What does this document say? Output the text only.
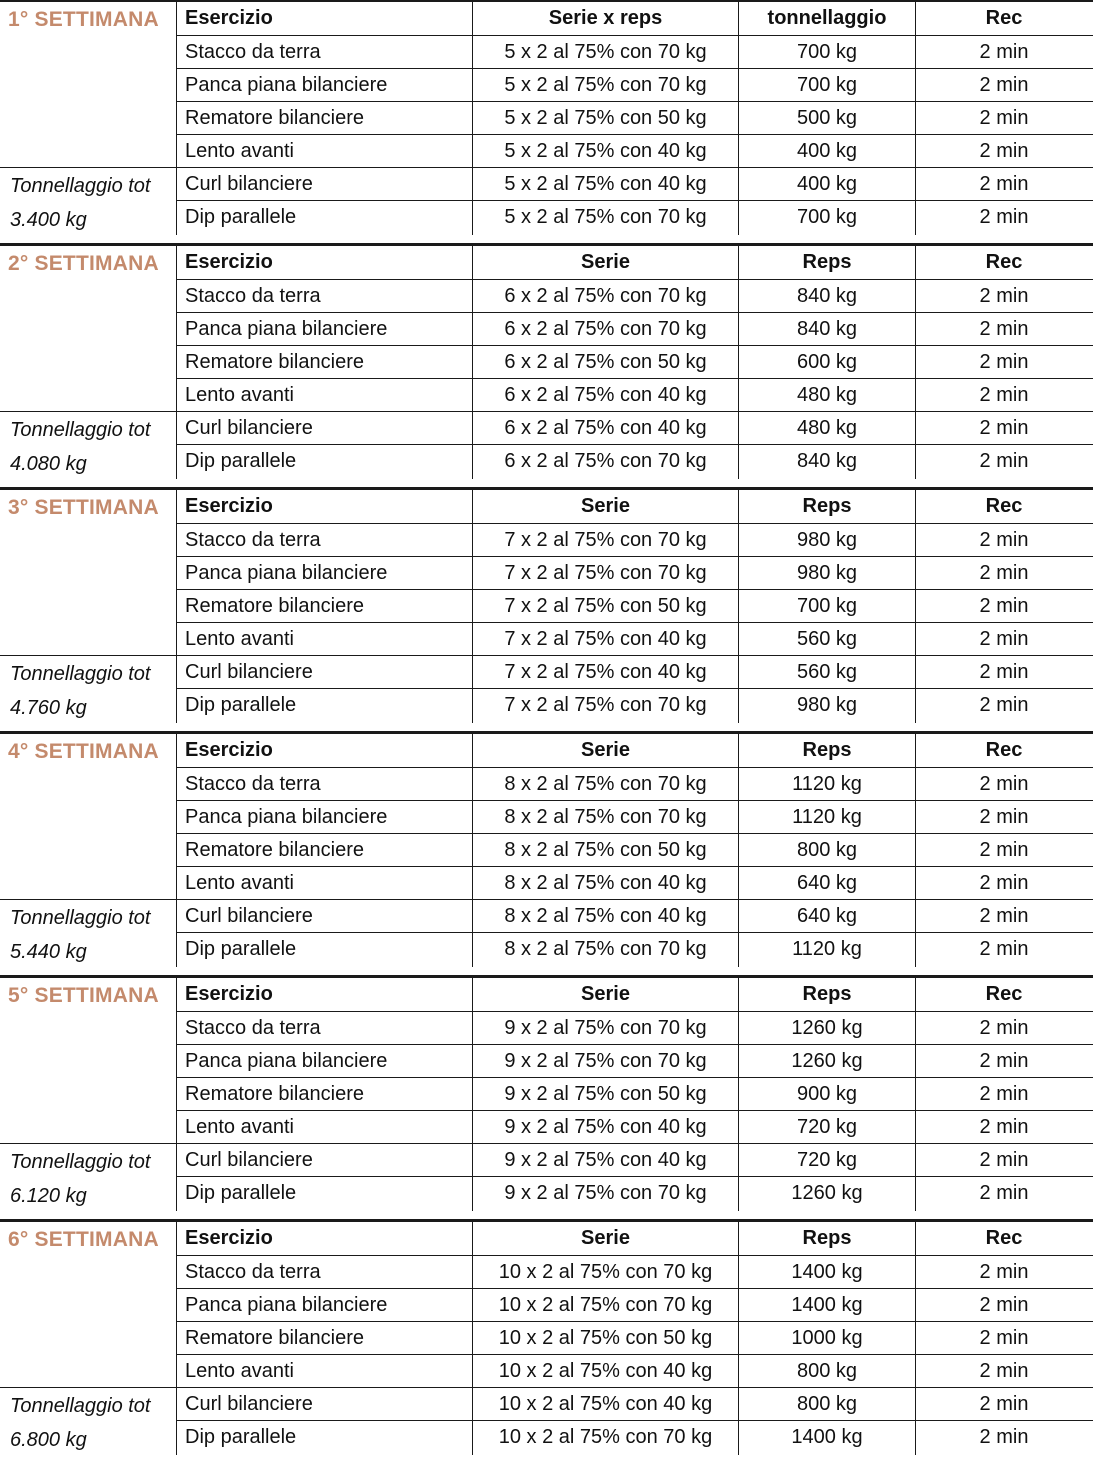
1° SETTIMANA
Tonnellaggio tot
3.400 kg
Esercizio	Serie x reps	tonnellaggio	Rec
Stacco da terra	5 x 2 al 75% con 70 kg	700 kg	2 min
Panca piana bilanciere	5 x 2 al 75% con 70 kg	700 kg	2 min
Rematore bilanciere	5 x 2 al 75% con 50 kg	500 kg	2 min
Lento avanti	5 x 2 al 75% con 40 kg	400 kg	2 min
Curl bilanciere	5 x 2 al 75% con 40 kg	400 kg	2 min
Dip parallele	5 x 2 al 75% con 70 kg	700 kg	2 min
2° SETTIMANA
Tonnellaggio tot
4.080 kg
Esercizio	Serie	Reps	Rec
Stacco da terra	6 x 2 al 75% con 70 kg	840 kg	2 min
Panca piana bilanciere	6 x 2 al 75% con 70 kg	840 kg	2 min
Rematore bilanciere	6 x 2 al 75% con 50 kg	600 kg	2 min
Lento avanti	6 x 2 al 75% con 40 kg	480 kg	2 min
Curl bilanciere	6 x 2 al 75% con 40 kg	480 kg	2 min
Dip parallele	6 x 2 al 75% con 70 kg	840 kg	2 min
3° SETTIMANA
Tonnellaggio tot
4.760 kg
Esercizio	Serie	Reps	Rec
Stacco da terra	7 x 2 al 75% con 70 kg	980 kg	2 min
Panca piana bilanciere	7 x 2 al 75% con 70 kg	980 kg	2 min
Rematore bilanciere	7 x 2 al 75% con 50 kg	700 kg	2 min
Lento avanti	7 x 2 al 75% con 40 kg	560 kg	2 min
Curl bilanciere	7 x 2 al 75% con 40 kg	560 kg	2 min
Dip parallele	7 x 2 al 75% con 70 kg	980 kg	2 min
4° SETTIMANA
Tonnellaggio tot
5.440 kg
Esercizio	Serie	Reps	Rec
Stacco da terra	8 x 2 al 75% con 70 kg	1120 kg	2 min
Panca piana bilanciere	8 x 2 al 75% con 70 kg	1120 kg	2 min
Rematore bilanciere	8 x 2 al 75% con 50 kg	800 kg	2 min
Lento avanti	8 x 2 al 75% con 40 kg	640 kg	2 min
Curl bilanciere	8 x 2 al 75% con 40 kg	640 kg	2 min
Dip parallele	8 x 2 al 75% con 70 kg	1120 kg	2 min
5° SETTIMANA
Tonnellaggio tot
6.120 kg
Esercizio	Serie	Reps	Rec
Stacco da terra	9 x 2 al 75% con 70 kg	1260 kg	2 min
Panca piana bilanciere	9 x 2 al 75% con 70 kg	1260 kg	2 min
Rematore bilanciere	9 x 2 al 75% con 50 kg	900 kg	2 min
Lento avanti	9 x 2 al 75% con 40 kg	720 kg	2 min
Curl bilanciere	9 x 2 al 75% con 40 kg	720 kg	2 min
Dip parallele	9 x 2 al 75% con 70 kg	1260 kg	2 min
6° SETTIMANA
Tonnellaggio tot
6.800 kg
Esercizio	Serie	Reps	Rec
Stacco da terra	10 x 2 al 75% con 70 kg	1400 kg	2 min
Panca piana bilanciere	10 x 2 al 75% con 70 kg	1400 kg	2 min
Rematore bilanciere	10 x 2 al 75% con 50 kg	1000 kg	2 min
Lento avanti	10 x 2 al 75% con 40 kg	800 kg	2 min
Curl bilanciere	10 x 2 al 75% con 40 kg	800 kg	2 min
Dip parallele	10 x 2 al 75% con 70 kg	1400 kg	2 min
